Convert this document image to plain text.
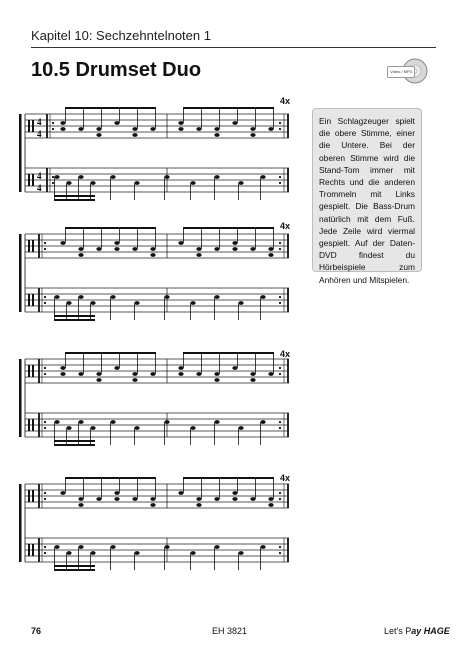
Kapitel 10: Sechzehntelnoten 1
10.5 Drumset Duo	Video / MP3
Ein Schlagzeuger spielt die obere Stimme, einer die Untere. Bei der oberen Stimme wird die Stand-Tom immer mit Rechts und die anderen Trommeln mit Links gespielt. Die Bass-Drum natürlich mit dem Fuß. Jede Zeile wird viermal gespielt. Auf der Daten-DVD findest du Hörbeispiele zum Anhören und Mitspielen.
4
4
4
4
4x
4x
4x
4x
76	EH 3821	Let's Pay HAGE
